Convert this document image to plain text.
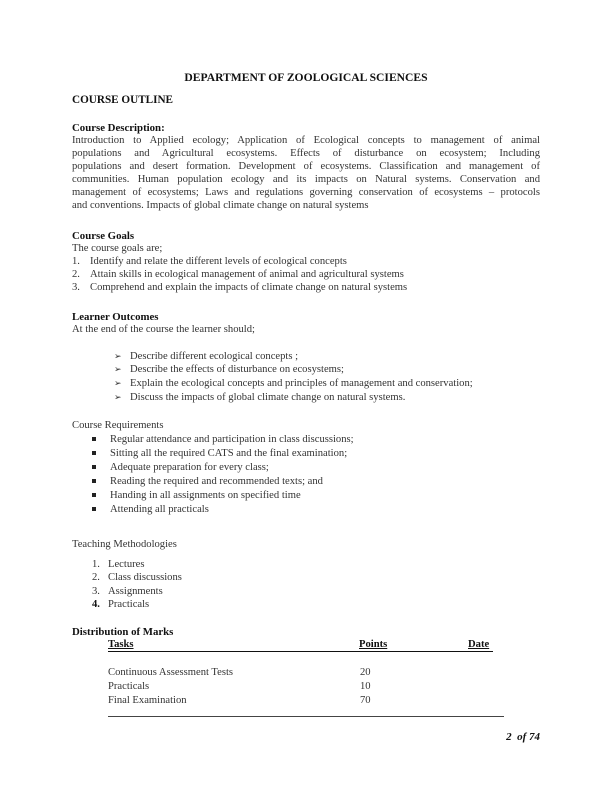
DEPARTMENT OF ZOOLOGICAL SCIENCES
COURSE OUTLINE
Course Description:
Introduction to Applied ecology; Application of Ecological concepts to management of animal
populations and Agricultural ecosystems. Effects of disturbance on ecosystem; Including
populations and desert formation. Development of ecosystems. Classification and management of
communities. Human population ecology and its impacts on Natural systems. Conservation and
management of ecosystems; Laws and regulations governing conservation of ecosystems – protocols
and conventions. Impacts of global climate change on natural systems
Course Goals
The course goals are;
1. Identify and relate the different levels of ecological concepts
2. Attain skills in ecological management of animal and agricultural systems
3. Comprehend and explain the impacts of climate change on natural systems
Learner Outcomes
At the end of the course the learner should;
➢ Describe different ecological concepts ;
➢ Describe the effects of disturbance on ecosystems;
➢ Explain the ecological concepts and principles of management and conservation;
➢ Discuss the impacts of global climate change on natural systems.
Course Requirements
Regular attendance and participation in class discussions;
Sitting all the required CATS and the final examination;
Adequate preparation for every class;
Reading the required and recommended texts; and
Handing in all assignments on specified time
Attending all practicals
Teaching Methodologies
1. Lectures
2. Class discussions
3. Assignments
4. Practicals
Distribution of Marks
Tasks	Points	Date
Continuous Assessment Tests	20
Practicals	10
Final Examination	70
2  of 74
